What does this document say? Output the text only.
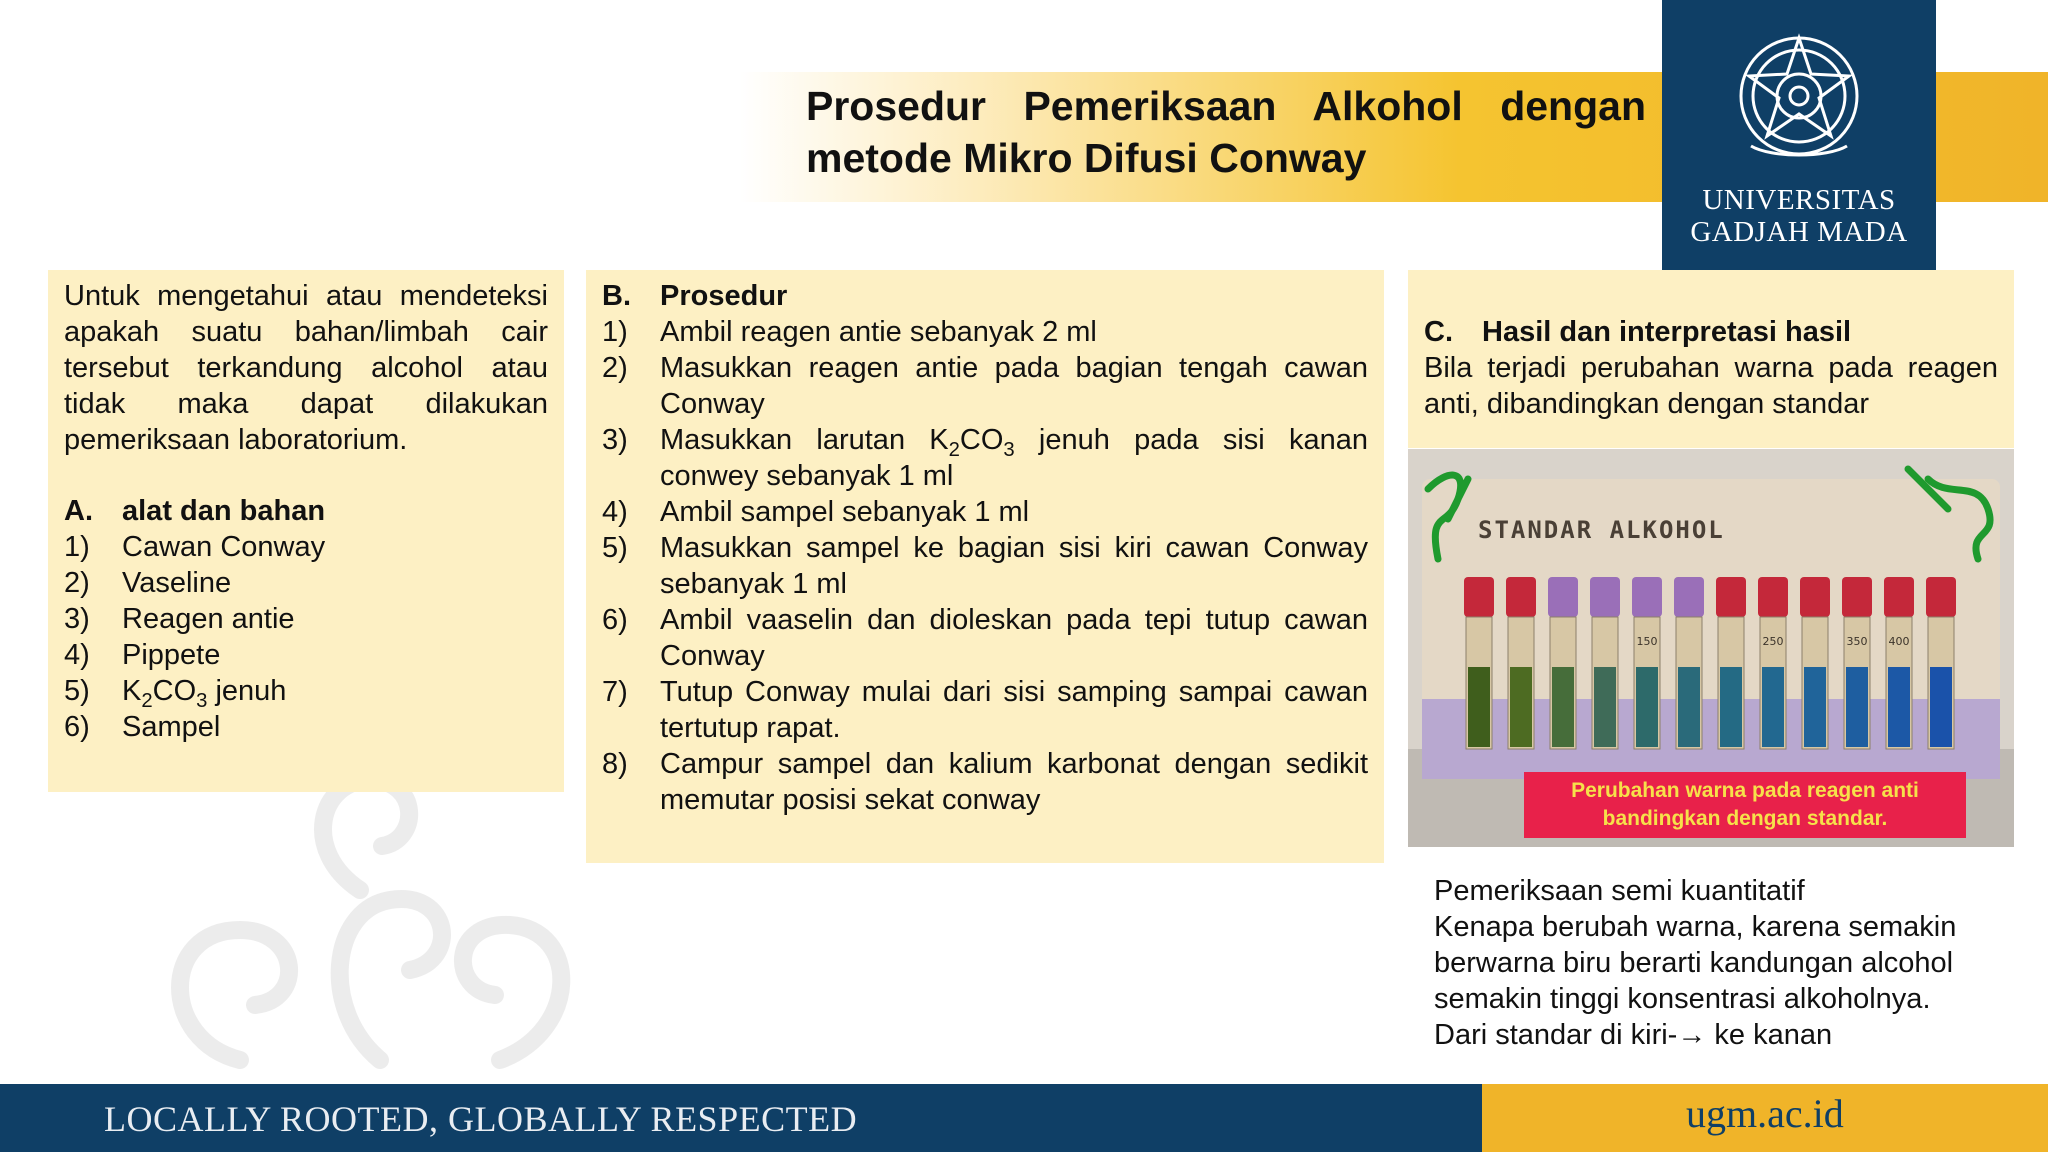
Prosedur Pemeriksaan Alkohol dengan metode Mikro Difusi Conway
UNIVERSITAS
GADJAH MADA

Untuk mengetahui atau mendeteksi apakah suatu bahan/limbah cair tersebut terkandung alcohol atau tidak maka dapat dilakukan pemeriksaan laboratorium.

A. alat dan bahan
1)	Cawan Conway
2)	Vaseline
3)	Reagen antie
4)	Pippete
5)	$K_2CO_3$ jenuh
6)	Sampel
B. Prosedur
1)	Ambil reagen antie sebanyak 2 ml
2)	Masukkan reagen antie pada bagian tengah cawan Conway
3)	Masukkan larutan $K_2CO_3$ jenuh pada sisi kanan conwey sebanyak 1 ml
4)	Ambil sampel sebanyak 1 ml
5)	Masukkan sampel ke bagian sisi kiri cawan Conway sebanyak 1 ml
6)	Ambil vaaselin dan dioleskan pada tepi tutup cawan Conway
7)	Tutup Conway mulai dari sisi samping sampai cawan tertutup rapat.
8)	Campur sampel dan kalium karbonat dengan sedikit memutar posisi sekat conway
C. Hasil dan interpretasi hasil

Bila terjadi perubahan warna pada reagen anti, dibandingkan dengan standar

150	250	350 400
STANDAR ALKOHOL
Perubahan warna pada reagen anti
bandingkan dengan standar.
Pemeriksaan semi kuantitatif
Kenapa berubah warna, karena semakin
berwarna biru berarti kandungan alcohol
semakin tinggi konsentrasi alkoholnya.
Dari standar di kiri-→ ke kanan
LOCALLY ROOTED, GLOBALLY RESPECTED	ugm.ac.id
